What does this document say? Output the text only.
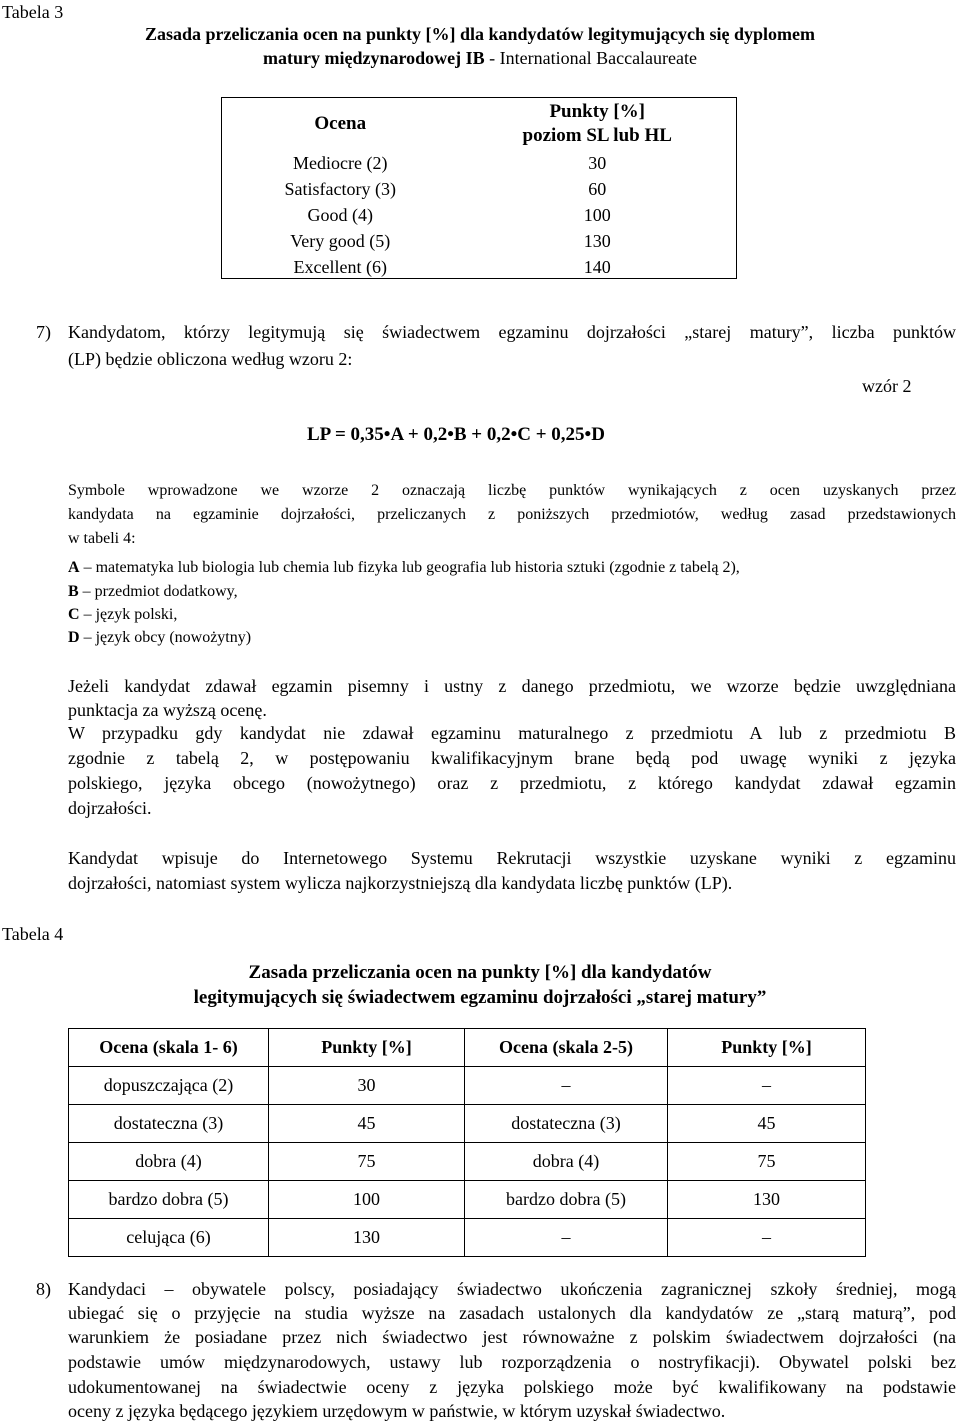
Tabela 3
Zasada przeliczania ocen na punkty [%] dla kandydatów legitymujących się dyplomem
matury międzynarodowej IB - International Baccalaureate
Ocena	Punkty [%]
poziom SL lub HL

Mediocre (2)	30
Satisfactory (3)	60
Good (4)	100
Very good (5)	130
Excellent (6)	140
7) Kandydatom, którzy legitymują się świadectwem egzaminu dojrzałości „starej matury”, liczba punktów
(LP) będzie obliczona według wzoru 2:
wzór 2
LP = 0,35•A + 0,2•B + 0,2•C + 0,25•D
Symbole wprowadzone we wzorze 2 oznaczają liczbę punktów wynikających z ocen uzyskanych przez
kandydata na egzaminie dojrzałości, przeliczanych z poniższych przedmiotów, według zasad przedstawionych
w tabeli 4:
A – matematyka lub biologia lub chemia lub fizyka lub geografia lub historia sztuki (zgodnie z tabelą 2),
B – przedmiot dodatkowy,
C – język polski,
D – język obcy (nowożytny)
Jeżeli kandydat zdawał egzamin pisemny i ustny z danego przedmiotu, we wzorze będzie uwzględniana
punktacja za wyższą ocenę.
W przypadku gdy kandydat nie zdawał egzaminu maturalnego z przedmiotu A lub z przedmiotu B
zgodnie z tabelą 2, w postępowaniu kwalifikacyjnym brane będą pod uwagę wyniki z języka
polskiego, języka obcego (nowożytnego) oraz z przedmiotu, z którego kandydat zdawał egzamin
dojrzałości.
Kandydat wpisuje do Internetowego Systemu Rekrutacji wszystkie uzyskane wyniki z egzaminu
dojrzałości, natomiast system wylicza najkorzystniejszą dla kandydata liczbę punktów (LP).
Tabela 4
Zasada przeliczania ocen na punkty [%] dla kandydatów
legitymujących się świadectwem egzaminu dojrzałości „starej matury”
Ocena (skala 1- 6)	Punkty [%]	Ocena (skala 2-5)	Punkty [%]
dopuszczająca (2)	30	–	–
dostateczna (3)	45	dostateczna (3)	45
dobra (4)	75	dobra (4)	75
bardzo dobra (5)	100	bardzo dobra (5)	130
celująca (6)	130	–	–
8) Kandydaci – obywatele polscy, posiadający świadectwo ukończenia zagranicznej szkoły średniej, mogą
ubiegać się o przyjęcie na studia wyższe na zasadach ustalonych dla kandydatów ze „starą maturą”, pod
warunkiem że posiadane przez nich świadectwo jest równoważne z polskim świadectwem dojrzałości (na
podstawie umów międzynarodowych, ustawy lub rozporządzenia o nostryfikacji). Obywatel polski bez
udokumentowanej na świadectwie oceny z języka polskiego może być kwalifikowany na podstawie
oceny z języka będącego językiem urzędowym w państwie, w którym uzyskał świadectwo.
